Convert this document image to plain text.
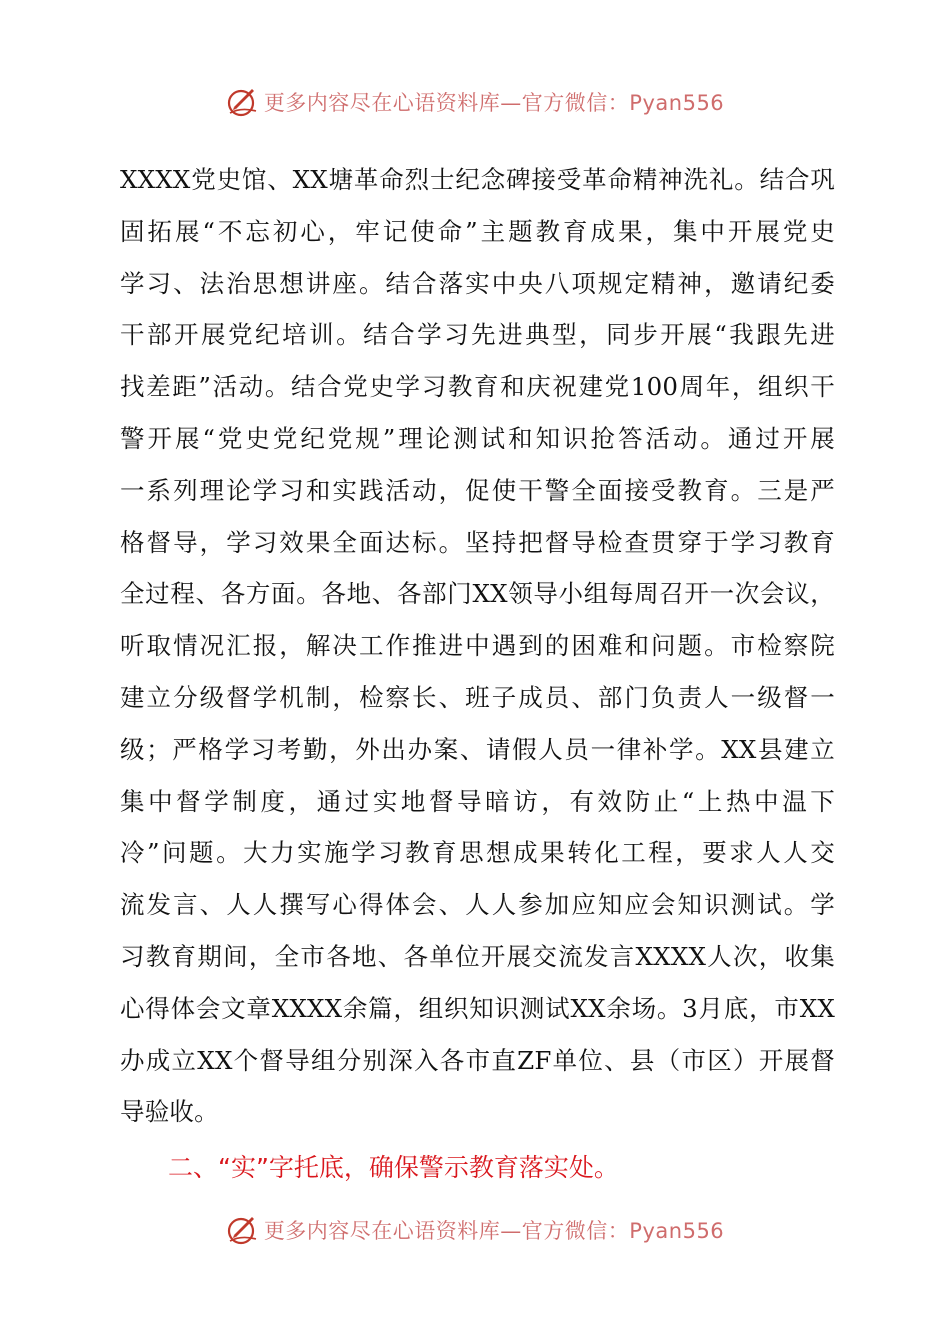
更多内容尽在心语资料库—官方微信：Pyan556
XXXX党史馆、XX塘革命烈士纪念碑接受革命精神洗礼。结合巩
固拓展“不忘初心，牢记使命”主题教育成果，集中开展党史
学习、法治思想讲座。结合落实中央八项规定精神，邀请纪委
干部开展党纪培训。结合学习先进典型，同步开展“我跟先进
找差距”活动。结合党史学习教育和庆祝建党100周年，组织干
警开展“党史党纪党规”理论测试和知识抢答活动。通过开展
一系列理论学习和实践活动，促使干警全面接受教育。三是严
格督导，学习效果全面达标。坚持把督导检查贯穿于学习教育
全过程、各方面。各地、各部门XX领导小组每周召开一次会议，
听取情况汇报，解决工作推进中遇到的困难和问题。市检察院
建立分级督学机制，检察长、班子成员、部门负责人一级督一
级；严格学习考勤，外出办案、请假人员一律补学。XX县建立
集中督学制度，通过实地督导暗访，有效防止“上热中温下
冷”问题。大力实施学习教育思想成果转化工程，要求人人交
流发言、人人撰写心得体会、人人参加应知应会知识测试。学
习教育期间，全市各地、各单位开展交流发言XXXX人次，收集
心得体会文章XXXX余篇，组织知识测试XX余场。3月底，市XX
办成立XX个督导组分别深入各市直ZF单位、县（市区）开展督
导验收。
二、“实”字托底，确保警示教育落实处。
更多内容尽在心语资料库—官方微信：Pyan556
